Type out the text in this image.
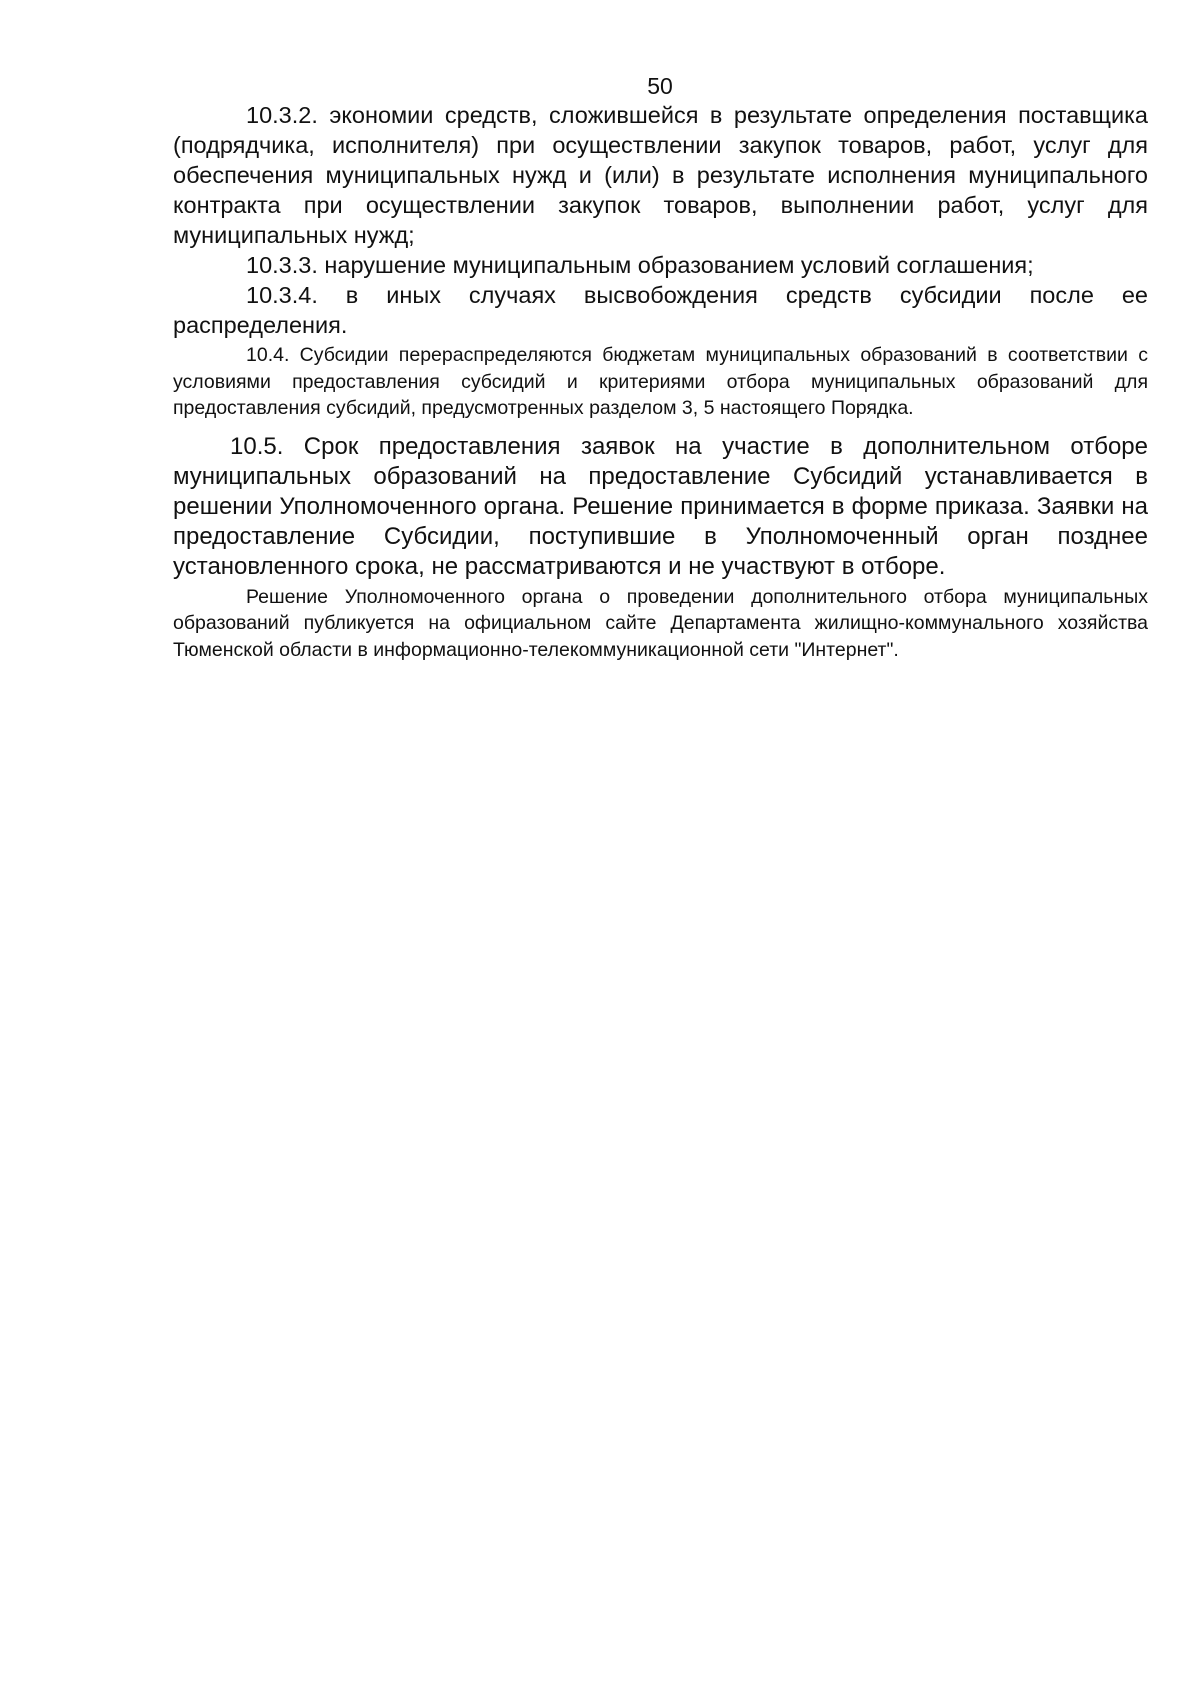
50

10.3.2. экономии средств, сложившейся в результате определения поставщика (подрядчика, исполнителя) при осуществлении закупок товаров, работ, услуг для обеспечения муниципальных нужд и (или) в результате исполнения муниципального контракта при осуществлении закупок товаров, выполнении работ, услуг для муниципальных нужд;

10.3.3. нарушение муниципальным образованием условий соглашения;

10.3.4. в иных случаях высвобождения средств субсидии после ее распределения.

10.4. Субсидии перераспределяются бюджетам муниципальных образований в соответствии с условиями предоставления субсидий и критериями отбора муниципальных образований для предоставления субсидий, предусмотренных разделом 3, 5 настоящего Порядка.

10.5. Срок предоставления заявок на участие в дополнительном отборе муниципальных образований на предоставление Субсидий устанавливается в решении Уполномоченного органа. Решение принимается в форме приказа. Заявки на предоставление Субсидии, поступившие в Уполномоченный орган позднее установленного срока, не рассматриваются и не участвуют в отборе.

Решение Уполномоченного органа о проведении дополнительного отбора муниципальных образований публикуется на официальном сайте Департамента жилищно-коммунального хозяйства Тюменской области в информационно-телекоммуникационной сети "Интернет".
